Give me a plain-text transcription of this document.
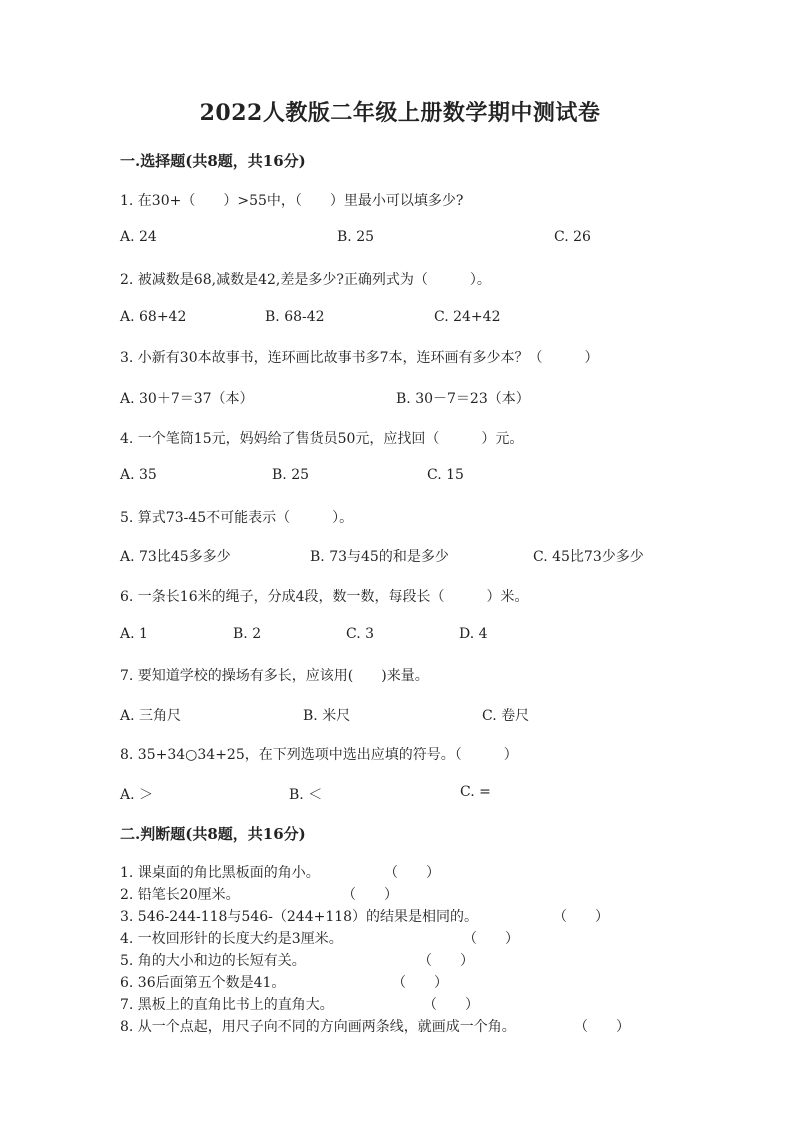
2022人教版二年级上册数学期中测试卷
一.选择题(共8题，共16分)
1. 在30+（　　）>55中，（　　）里最小可以填多少?
A. 24	B. 25	C. 26
2. 被减数是68,减数是42,差是多少?正确列式为（　　　）。
A. 68+42	B. 68-42	C. 24+42
3. 小新有30本故事书，连环画比故事书多7本，连环画有多少本？（　　　）
A. 30＋7＝37（本）	B. 30－7＝23（本）
4. 一个笔筒15元，妈妈给了售货员50元，应找回（　　　）元。
A. 35	B. 25	C. 15
5. 算式73-45不可能表示（　　　）。
A. 73比45多多少	B. 73与45的和是多少	C. 45比73少多少
6. 一条长16米的绳子，分成4段，数一数，每段长（　　　）米。
A. 1	B. 2	C. 3	D. 4
7. 要知道学校的操场有多长，应该用(　　)来量。
A. 三角尺	B. 米尺	C. 卷尺
8. 35+34○34+25，在下列选项中选出应填的符号。（　　　）
A. ＞	B. ＜	C. =
二.判断题(共8题，共16分)
1. 课桌面的角比黑板面的角小。	（　　）
2. 铅笔长20厘米。	（　　）
3. 546-244-118与546-（244+118）的结果是相同的。	（　　）
4. 一枚回形针的长度大约是3厘米。	（　　）
5. 角的大小和边的长短有关。	（　　）
6. 36后面第五个数是41。	（　　）
7. 黑板上的直角比书上的直角大。	（　　）
8. 从一个点起，用尺子向不同的方向画两条线，就画成一个角。	（　　）
